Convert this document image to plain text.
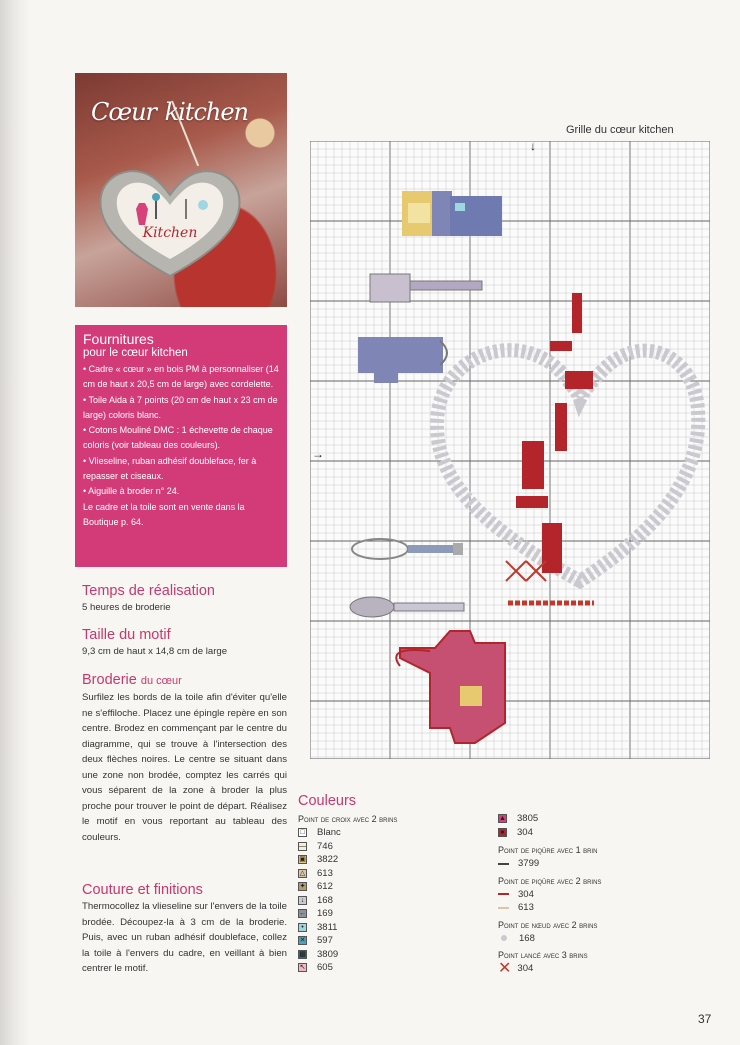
Kitchen
Cœur kitchen
Fournitures
pour le cœur kitchen

• Cadre « cœur » en bois PM à personnaliser (14 cm de haut x 20,5 cm de large) avec cordelette.

• Toile Aida à 7 points (20 cm de haut x 23 cm de large) coloris blanc.

• Cotons Mouliné DMC : 1 échevette de chaque coloris (voir tableau des couleurs).

• Vlieseline, ruban adhésif doubleface, fer à repasser et ciseaux.

• Aiguille à broder n° 24.

Le cadre et la toile sont en vente dans la Boutique p. 64.

Temps de réalisation

5 heures de broderie

Taille du motif

9,3 cm de haut x 14,8 cm de large

Broderie du cœur

Surfilez les bords de la toile afin d'éviter qu'elle ne s'effiloche. Placez une épingle repère en son centre. Brodez en commençant par le centre du diagramme, qui se trouve à l'intersection des deux flèches noires. Le centre se situant dans une zone non brodée, comptez les carrés qui vous séparent de la zone à broder la plus proche pour trouver le point de départ. Réalisez le motif en vous reportant au tableau des couleurs.

Couture et finitions

Thermocollez la vlieseline sur l'envers de la toile brodée. Découpez-la à 3 cm de la broderie. Puis, avec un ruban adhésif doubleface, collez la toile à l'envers du cadre, en veillant à bien centrer le motif.

Grille du cœur kitchen
↓
→
Couleurs
Point de croix avec 2 brins
□ Blanc
— 746
▣ 3822
△ 613
✦ 612
↓ 168
← 169
•	3811
✕ 597
▩ 3809
↖ 605
▲ 3805
● 304
Point de piqûre avec 1 brin
3799
Point de piqûre avec 2 brins
304
613
Point de nœud avec 2 brins
168
Point lancé avec 3 brins
✕ 304
37
